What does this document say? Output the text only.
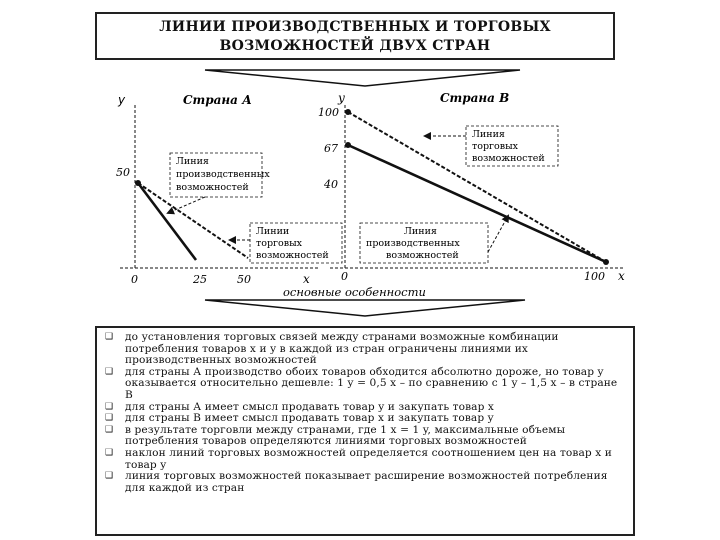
ЛИНИИ ПРОИЗВОДСТВЕННЫХ И ТОРГОВЫХ
ВОЗМОЖНОСТЕЙ ДВУХ СТРАН
y	Страна А
x
50
0	25	50
Линия
производственных
возможностей
Линии
торговых
возможностей
y	Страна В
x
100
67
40
0	100
Линия
торговых
возможностей
Линия
производственных
возможностей
основные особенности
❑	до установления торговых связей между странами возможные комбинации потребления товаров x и y в каждой из стран ограничены линиями их производственных возможностей
❑	для страны А производство обоих товаров обходится абсолютно дороже, но товар y оказывается относительно дешевле: 1 y = 0,5 x – по сравнению с 1 y – 1,5 x – в стране В
❑	для страны А имеет смысл продавать товар y и закупать товар x
❑	для страны В имеет смысл продавать товар x и закупать товар y
❑	в результате торговли между странами, где 1 x = 1 y, максимальные объемы потребления товаров определяются линиями торговых возможностей
❑	наклон линий торговых возможностей определяется соотношением цен на товар x и товар y
❑	линия торговых возможностей показывает расширение возможностей потребления для каждой из стран
